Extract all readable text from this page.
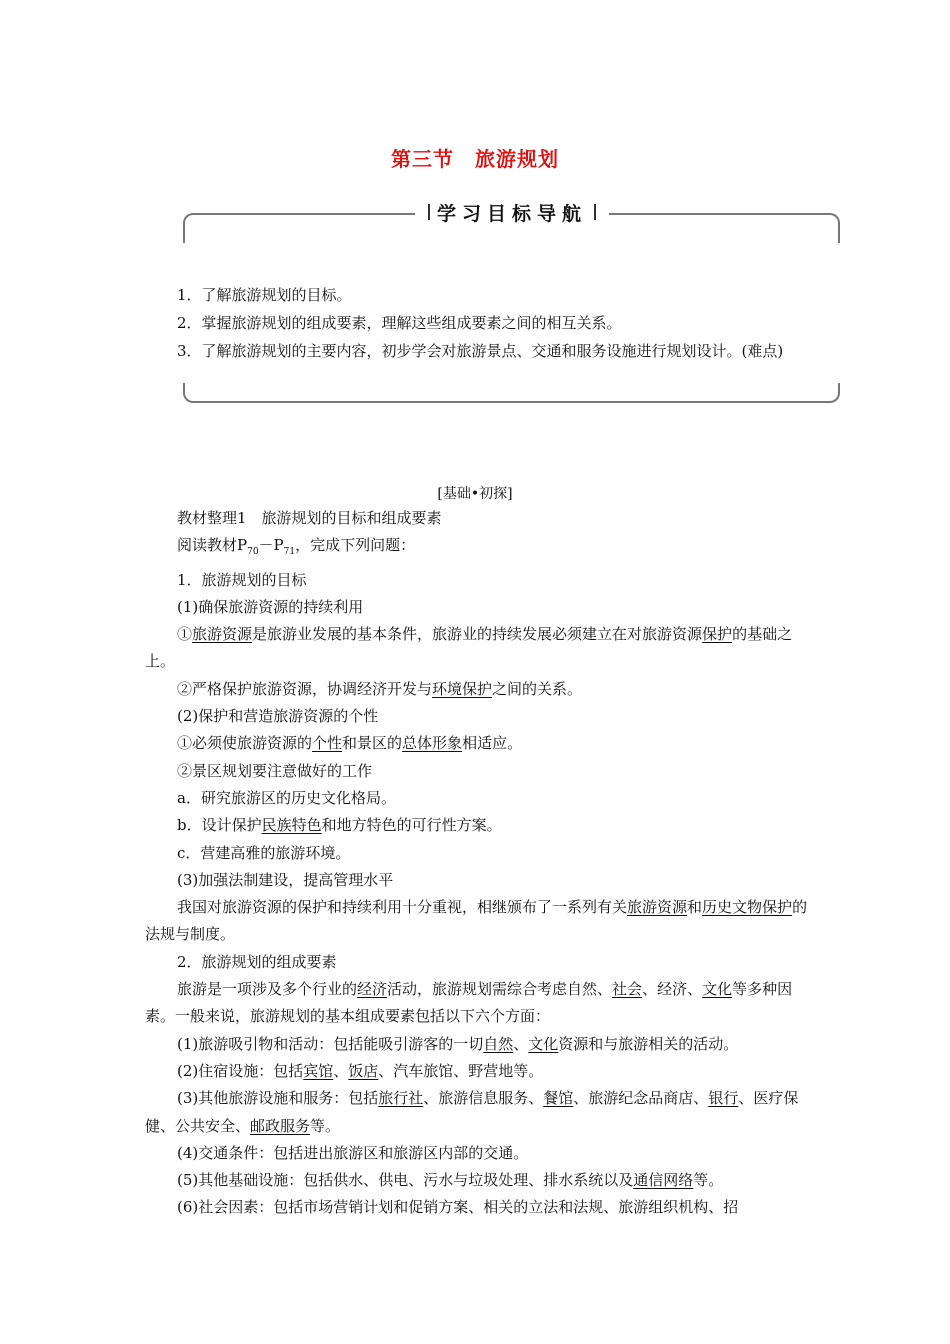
第三节　旅游规划
学习目标导航

1．了解旅游规划的目标。

2．掌握旅游规划的组成要素，理解这些组成要素之间的相互关系。

3．了解旅游规划的主要内容，初步学会对旅游景点、交通和服务设施进行规划设计。(难点)

[基础•初探]

教材整理1　旅游规划的目标和组成要素

阅读教材$P_{70}-P_{71}$，完成下列问题：

1．旅游规划的目标

(1)确保旅游资源的持续利用

①旅游资源是旅游业发展的基本条件，旅游业的持续发展必须建立在对旅游资源保护的基础之上。

②严格保护旅游资源，协调经济开发与环境保护之间的关系。

(2)保护和营造旅游资源的个性

①必须使旅游资源的个性和景区的总体形象相适应。

②景区规划要注意做好的工作

a．研究旅游区的历史文化格局。

b．设计保护民族特色和地方特色的可行性方案。

c．营建高雅的旅游环境。

(3)加强法制建设，提高管理水平

我国对旅游资源的保护和持续利用十分重视，相继颁布了一系列有关旅游资源和历史文物保护的法规与制度。

2．旅游规划的组成要素

旅游是一项涉及多个行业的经济活动，旅游规划需综合考虑自然、社会、经济、文化等多种因素。一般来说，旅游规划的基本组成要素包括以下六个方面：

(1)旅游吸引物和活动：包括能吸引游客的一切自然、文化资源和与旅游相关的活动。

(2)住宿设施：包括宾馆、饭店、汽车旅馆、野营地等。

(3)其他旅游设施和服务：包括旅行社、旅游信息服务、餐馆、旅游纪念品商店、银行、医疗保健、公共安全、邮政服务等。

(4)交通条件：包括进出旅游区和旅游区内部的交通。

(5)其他基础设施：包括供水、供电、污水与垃圾处理、排水系统以及通信网络等。

(6)社会因素：包括市场营销计划和促销方案、相关的立法和法规、旅游组织机构、招
